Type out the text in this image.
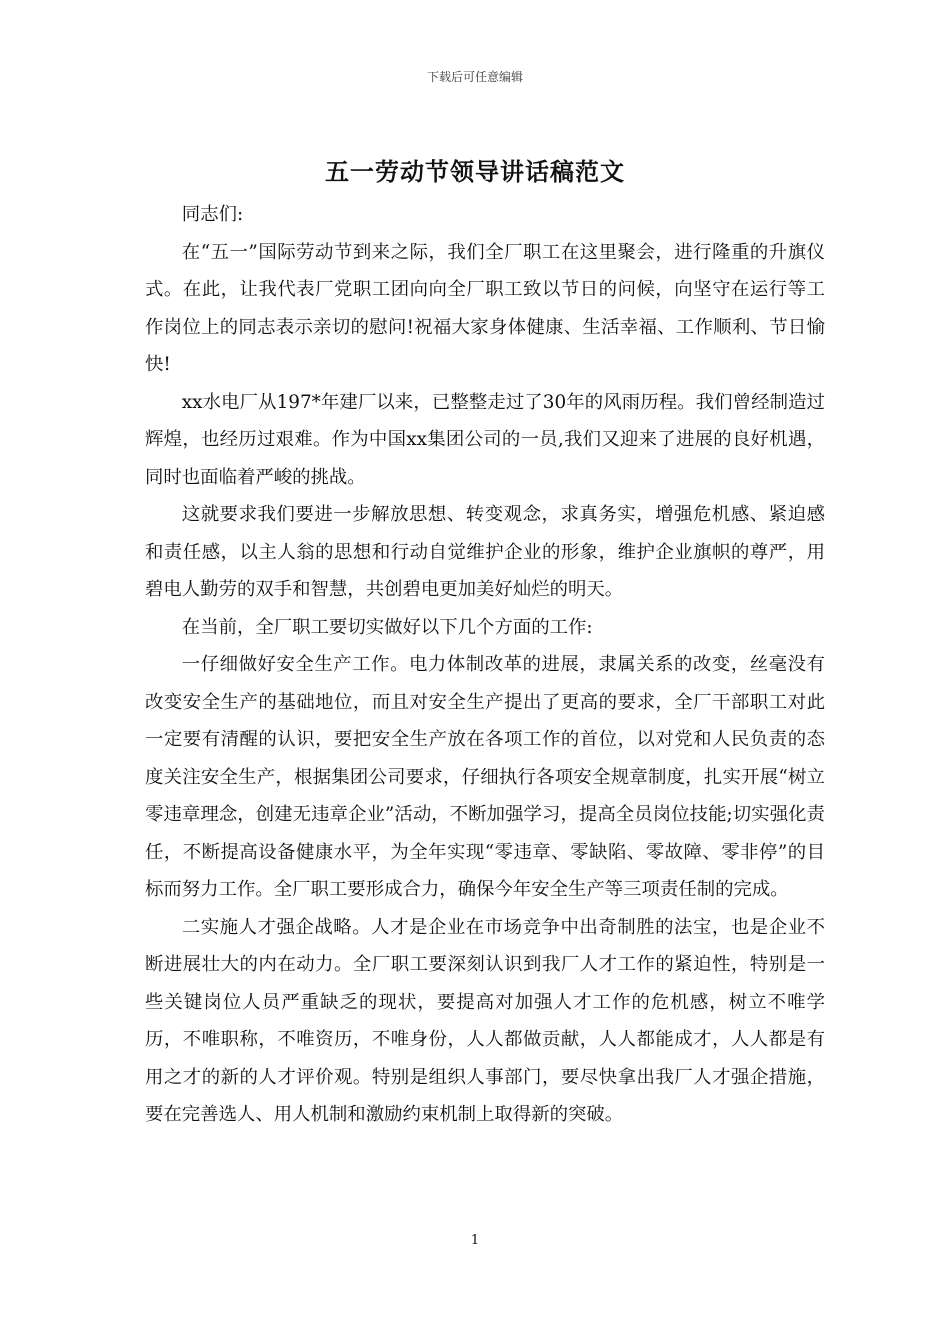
下载后可任意编辑
五一劳动节领导讲话稿范文

同志们:

在“五一”国际劳动节到来之际，我们全厂职工在这里聚会，进行隆重的升旗仪式。在此，让我代表厂党职工团向向全厂职工致以节日的问候，向坚守在运行等工作岗位上的同志表示亲切的慰问!祝福大家身体健康、生活幸福、工作顺利、节日愉快!

xx水电厂从197*年建厂以来，已整整走过了30年的风雨历程。我们曾经制造过辉煌，也经历过艰难。作为中国xx集团公司的一员,我们又迎来了进展的良好机遇，同时也面临着严峻的挑战。

这就要求我们要进一步解放思想、转变观念，求真务实，增强危机感、紧迫感和责任感，以主人翁的思想和行动自觉维护企业的形象，维护企业旗帜的尊严，用碧电人勤劳的双手和智慧，共创碧电更加美好灿烂的明天。

在当前，全厂职工要切实做好以下几个方面的工作:

一仔细做好安全生产工作。电力体制改革的进展，隶属关系的改变，丝毫没有改变安全生产的基础地位，而且对安全生产提出了更高的要求，全厂干部职工对此一定要有清醒的认识，要把安全生产放在各项工作的首位，以对党和人民负责的态度关注安全生产，根据集团公司要求，仔细执行各项安全规章制度，扎实开展“树立零违章理念，创建无违章企业”活动，不断加强学习，提高全员岗位技能;切实强化责任，不断提高设备健康水平，为全年实现“零违章、零缺陷、零故障、零非停”的目标而努力工作。全厂职工要形成合力，确保今年安全生产等三项责任制的完成。

二实施人才强企战略。人才是企业在市场竞争中出奇制胜的法宝，也是企业不断进展壮大的内在动力。全厂职工要深刻认识到我厂人才工作的紧迫性，特别是一些关键岗位人员严重缺乏的现状，要提高对加强人才工作的危机感，树立不唯学历，不唯职称，不唯资历，不唯身份，人人都做贡献，人人都能成才，人人都是有用之才的新的人才评价观。特别是组织人事部门，要尽快拿出我厂人才强企措施，要在完善选人、用人机制和激励约束机制上取得新的突破。

1
